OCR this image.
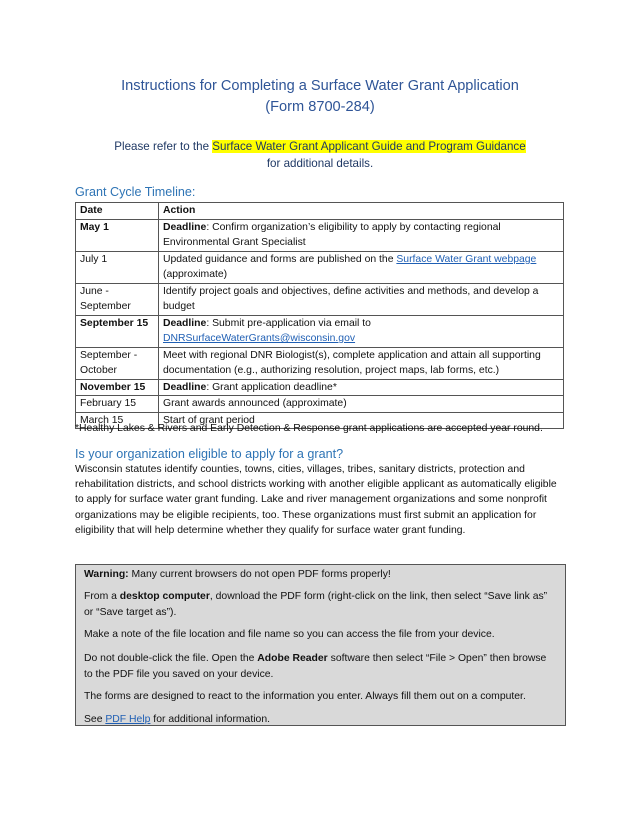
Instructions for Completing a Surface Water Grant Application
(Form 8700-284)
Please refer to the Surface Water Grant Applicant Guide and Program Guidance
for additional details.
Grant Cycle Timeline:
Date	Action
May 1	Deadline: Confirm organization’s eligibility to apply by contacting regional Environmental Grant Specialist
July 1	Updated guidance and forms are published on the Surface Water Grant webpage
(approximate)
June - September	Identify project goals and objectives, define activities and methods, and develop a budget
September 15	Deadline: Submit pre-application via email to
DNRSurfaceWaterGrants@wisconsin.gov
September - October	Meet with regional DNR Biologist(s), complete application and attain all supporting documentation (e.g., authorizing resolution, project maps, lab forms, etc.)
November 15	Deadline: Grant application deadline*
February 15	Grant awards announced (approximate)
March 15	Start of grant period
*Healthy Lakes & Rivers and Early Detection & Response grant applications are accepted year round.
Is your organization eligible to apply for a grant?
Wisconsin statutes identify counties, towns, cities, villages, tribes, sanitary districts, protection and rehabilitation districts, and school districts working with another eligible applicant as automatically eligible to apply for surface water grant funding. Lake and river management organizations and some nonprofit organizations may be eligible recipients, too. These organizations must first submit an application for eligibility that will help determine whether they qualify for surface water grant funding.

Warning: Many current browsers do not open PDF forms properly!

From a desktop computer, download the PDF form (right-click on the link, then select “Save link as” or “Save target as”).

Make a note of the file location and file name so you can access the file from your device.

Do not double-click the file. Open the Adobe Reader software then select “File > Open” then browse to the PDF file you saved on your device.

The forms are designed to react to the information you enter. Always fill them out on a computer.

See PDF Help for additional information.
